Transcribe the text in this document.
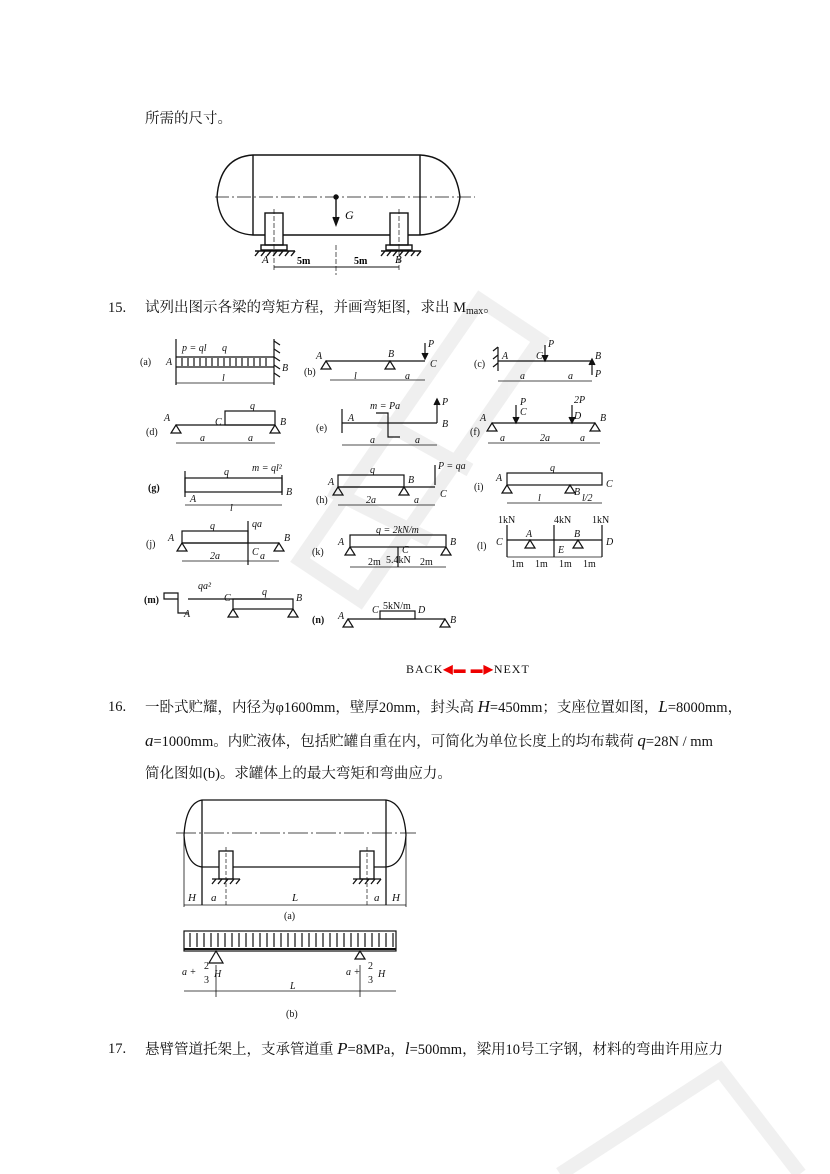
所需的尺寸。
G
A	B
5m	5m
15. 试列出图示各梁的弯矩方程，并画弯矩图，求出 $M_{max}$。
(a) A
B
p = ql q
l
(b)
A	B
C
P
l	a
(c)
A	C	B
P
P
a	a
(d)
A	C	B
q
a	a
(e)
A
B
P
a	a
m = Pa
(f)
A
C	D B
P	2P
a	2a	a
(g)
A
B
q
l
m = ql²
(h)
A	B
C
q
2a	a
P = qa
(i)
A
B
C
q
l	l/2
(j)
A
C
B
q	qa
2a	a	(k)
A
C
B
2m	2m
q = 2kN/m
5.4kN
(l) C
A
E
B
D
1m 1m 1m 1m
1kN	4kN 1kN
(m)
A
C	B
q
qa²
(n) A
C	D
B
5kN/m
BACK◀▬ ▬▶NEXT
16. 一卧式贮耀，内径为φ1600mm，壁厚20mm，封头高 H=450mm；支座位置如图，L=8000mm，
a=1000mm。内贮液体，包括贮罐自重在内，可简化为单位长度上的均布载荷 q=28N / mm
简化图如(b)。求罐体上的最大弯矩和弯曲应力。
H a	L	a H
(a)
a +
2
3
H
L
a +
2
3
H
(b)
17. 悬臂管道托架上，支承管道重 P=8MPa，l=500mm，梁用10号工字钢，材料的弯曲许用应力
